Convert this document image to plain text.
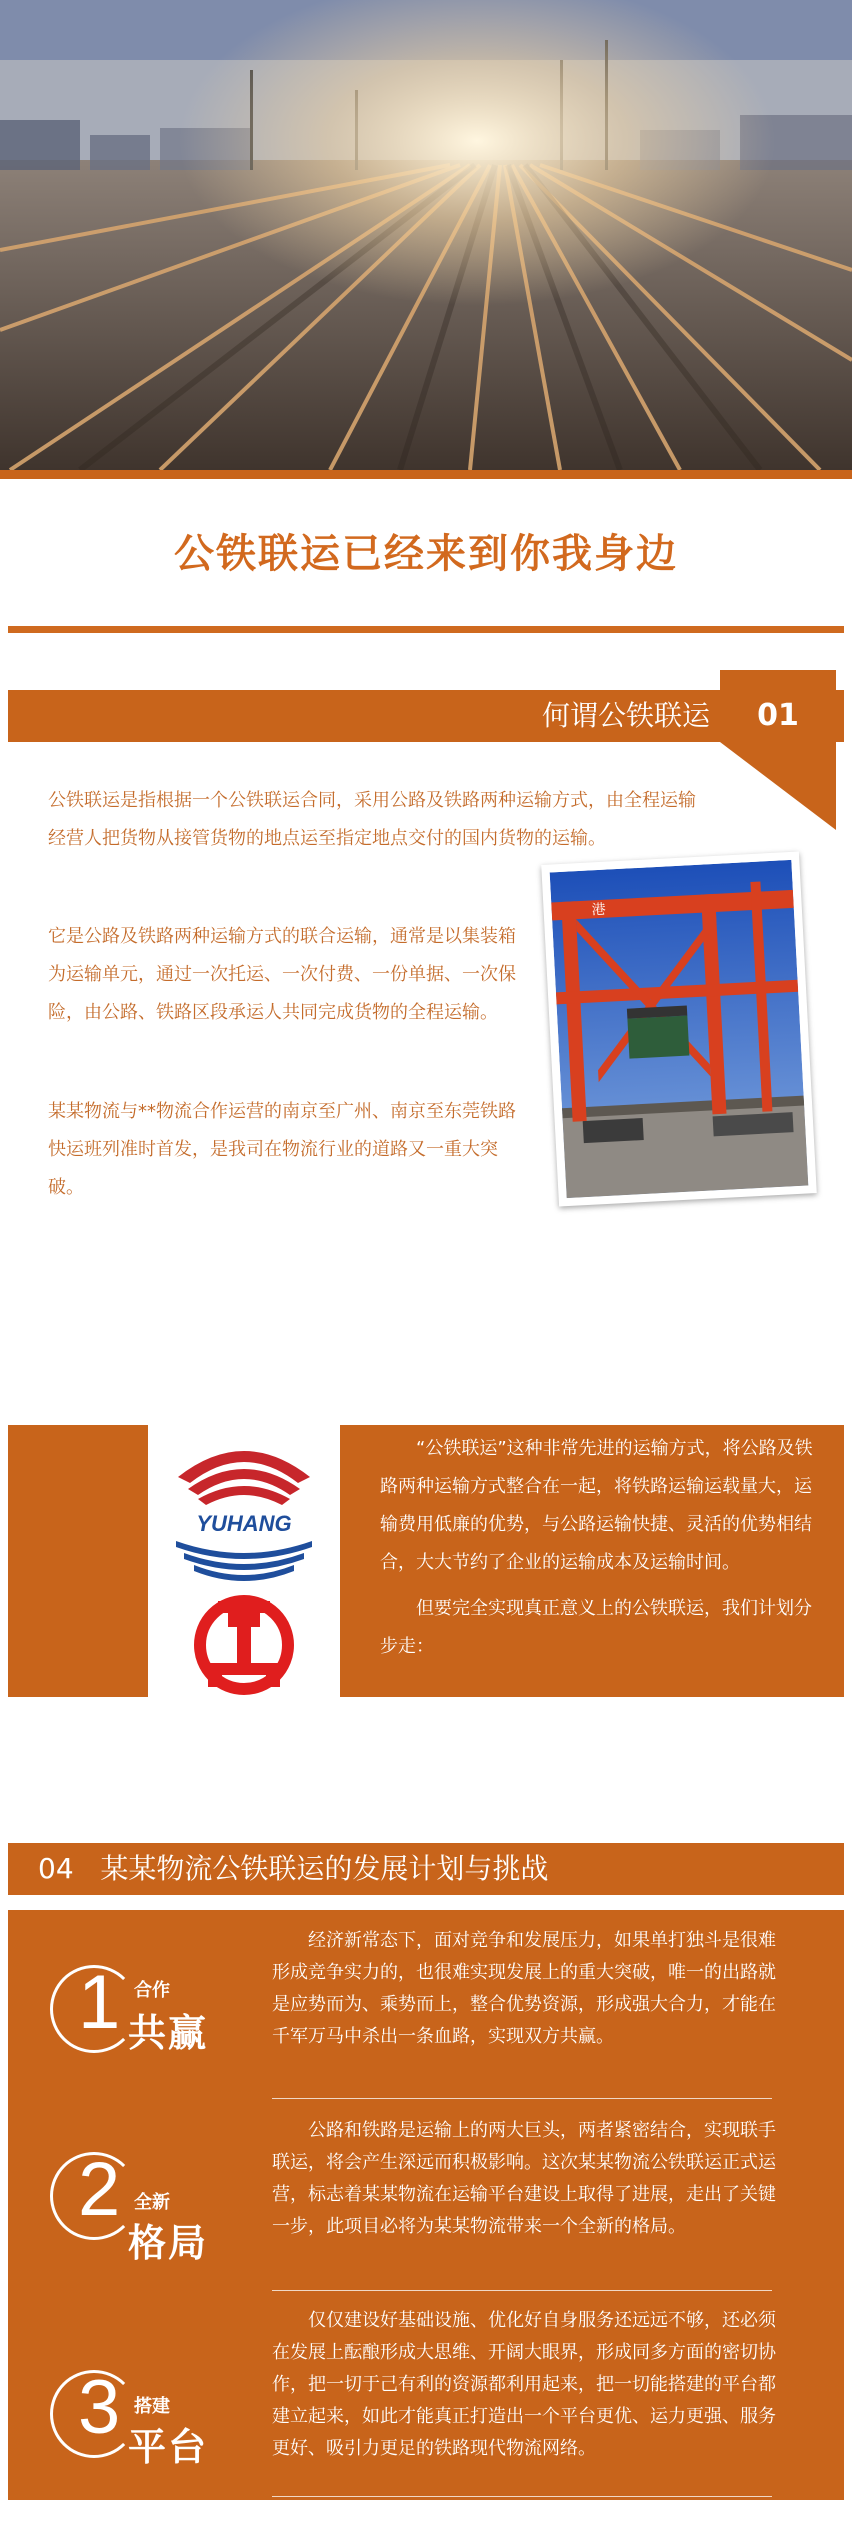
公铁联运已经来到你我身边
何谓公铁联运	01
公铁联运是指根据一个公铁联运合同，采用公路及铁路两种运输方式，由全程运输经营人把货物从接管货物的地点运至指定地点交付的国内货物的运输。
它是公路及铁路两种运输方式的联合运输，通常是以集装箱为运输单元，通过一次托运、一次付费、一份单据、一次保险，由公路、铁路区段承运人共同完成货物的全程运输。
某某物流与**物流合作运营的南京至广州、南京至东莞铁路快运班列准时首发，是我司在物流行业的道路又一重大突破。
港
YUHANG

“公铁联运”这种非常先进的运输方式，将公路及铁路两种运输方式整合在一起，将铁路运输运载量大，运输费用低廉的优势，与公路运输快捷、灵活的优势相结合，大大节约了企业的运输成本及运输时间。

但要完全实现真正意义上的公铁联运，我们计划分步走：

04 某某物流公铁联运的发展计划与挑战
1 合作
共赢

经济新常态下，面对竞争和发展压力，如果单打独斗是很难形成竞争实力的，也很难实现发展上的重大突破，唯一的出路就是应势而为、乘势而上，整合优势资源，形成强大合力，才能在千军万马中杀出一条血路，实现双方共赢。

2 全新
格局

公路和铁路是运输上的两大巨头，两者紧密结合，实现联手联运，将会产生深远而积极影响。这次某某物流公铁联运正式运营，标志着某某物流在运输平台建设上取得了进展，走出了关键一步，此项目必将为某某物流带来一个全新的格局。

3 搭建
平台

仅仅建设好基础设施、优化好自身服务还远远不够，还必须在发展上酝酿形成大思维、开阔大眼界，形成同多方面的密切协作，把一切于己有利的资源都利用起来，把一切能搭建的平台都建立起来，如此才能真正打造出一个平台更优、运力更强、服务更好、吸引力更足的铁路现代物流网络。
